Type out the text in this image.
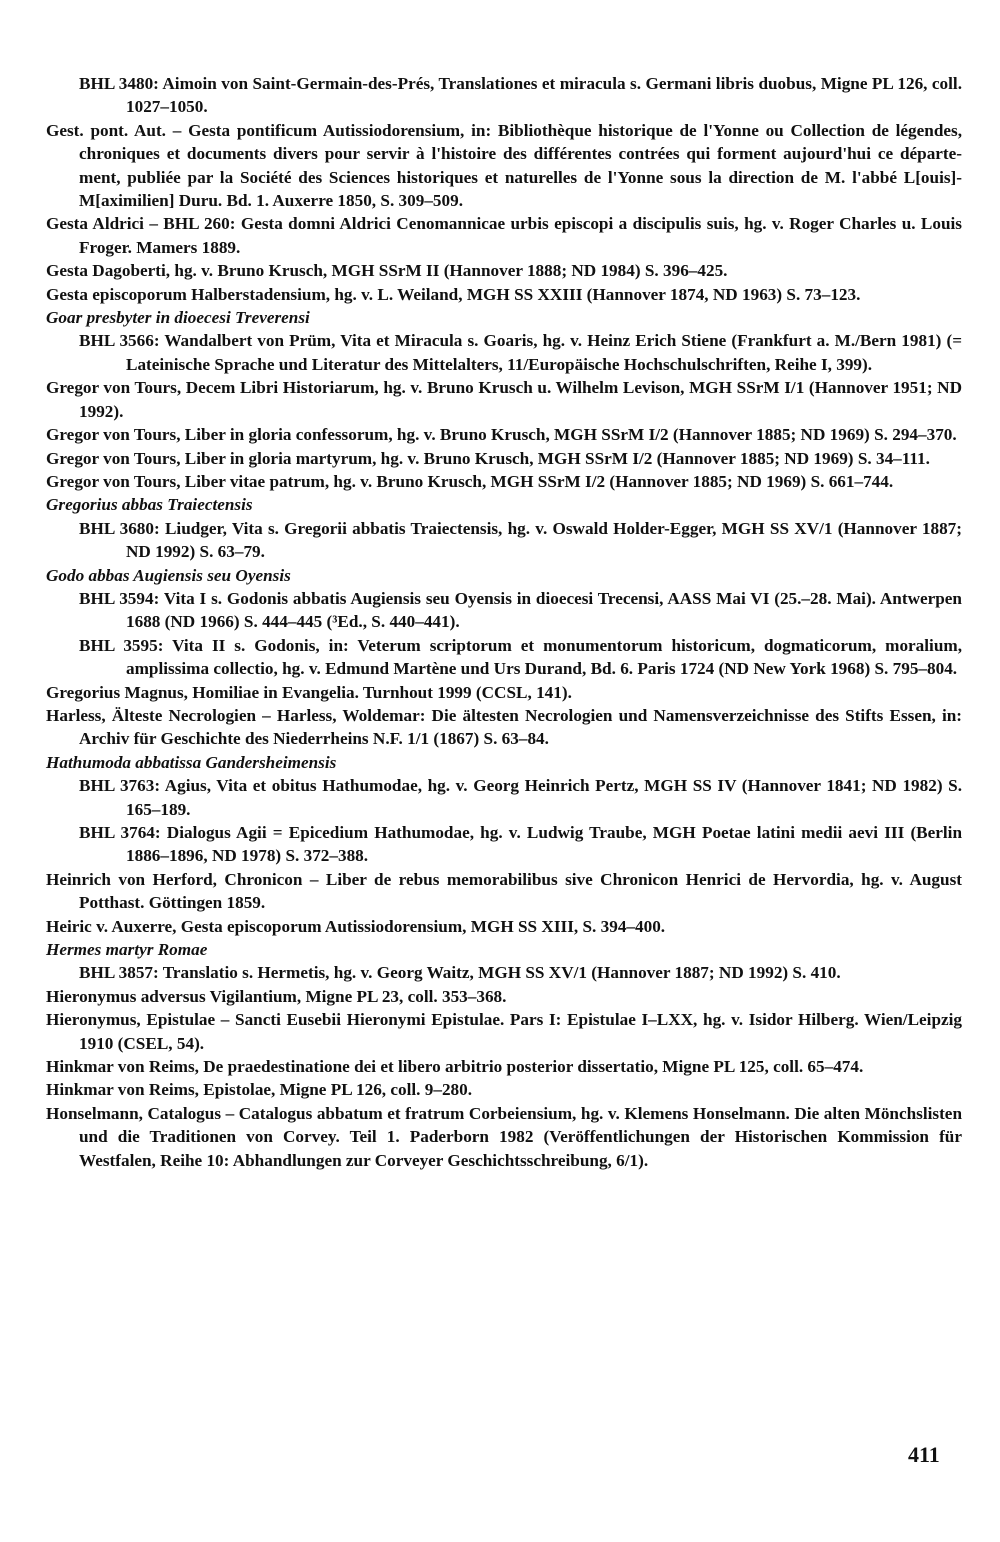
BHL 3480: Aimoin von Saint-Germain-des-Prés, Translationes et miracula s. Germani libris duobus, Migne PL 126, coll. 1027–1050.
Gest. pont. Aut. – Gesta pontificum Autissiodorensium, in: Bibliothèque historique de l'Yonne ou Collection de légendes, chroniques et documents divers pour servir à l'histoire des différentes contrées qui forment aujourd'hui ce départe-ment, publiée par la Société des Sciences historiques et naturelles de l'Yonne sous la direction de M. l'abbé L[ouis]-M[aximilien] Duru. Bd. 1. Auxerre 1850, S. 309–509.
Gesta Aldrici – BHL 260: Gesta domni Aldrici Cenomannicae urbis episcopi a discipulis suis, hg. v. Roger Charles u. Louis Froger. Mamers 1889.
Gesta Dagoberti, hg. v. Bruno Krusch, MGH SSrM II (Hannover 1888; ND 1984) S. 396–425.
Gesta episcoporum Halberstadensium, hg. v. L. Weiland, MGH SS XXIII (Hannover 1874, ND 1963) S. 73–123.
Goar presbyter in dioecesi Treverensi
BHL 3566: Wandalbert von Prüm, Vita et Miracula s. Goaris, hg. v. Heinz Erich Stiene (Frankfurt a. M./Bern 1981) (= Lateinische Sprache und Literatur des Mittelalters, 11/Europäische Hochschulschriften, Reihe I, 399).
Gregor von Tours, Decem Libri Historiarum, hg. v. Bruno Krusch u. Wilhelm Levison, MGH SSrM I/1 (Hannover 1951; ND 1992).
Gregor von Tours, Liber in gloria confessorum, hg. v. Bruno Krusch, MGH SSrM I/2 (Hannover 1885; ND 1969) S. 294–370.
Gregor von Tours, Liber in gloria martyrum, hg. v. Bruno Krusch, MGH SSrM I/2 (Hannover 1885; ND 1969) S. 34–111.
Gregor von Tours, Liber vitae patrum, hg. v. Bruno Krusch, MGH SSrM I/2 (Hannover 1885; ND 1969) S. 661–744.
Gregorius abbas Traiectensis
BHL 3680: Liudger, Vita s. Gregorii abbatis Traiectensis, hg. v. Oswald Holder-Egger, MGH SS XV/1 (Hannover 1887; ND 1992) S. 63–79.
Godo abbas Augiensis seu Oyensis
BHL 3594: Vita I s. Godonis abbatis Augiensis seu Oyensis in dioecesi Trecensi, AASS Mai VI (25.–28. Mai). Antwerpen 1688 (ND 1966) S. 444–445 (³Ed., S. 440–441).
BHL 3595: Vita II s. Godonis, in: Veterum scriptorum et monumentorum historicum, dogmaticorum, moralium, amplissima collectio, hg. v. Edmund Martène und Urs Durand, Bd. 6. Paris 1724 (ND New York 1968) S. 795–804.
Gregorius Magnus, Homiliae in Evangelia. Turnhout 1999 (CCSL, 141).
Harless, Älteste Necrologien – Harless, Woldemar: Die ältesten Necrologien und Namensverzeichnisse des Stifts Essen, in: Archiv für Geschichte des Niederrheins N.F. 1/1 (1867) S. 63–84.
Hathumoda abbatissa Gandersheimensis
BHL 3763: Agius, Vita et obitus Hathumodae, hg. v. Georg Heinrich Pertz, MGH SS IV (Hannover 1841; ND 1982) S. 165–189.
BHL 3764: Dialogus Agii = Epicedium Hathumodae, hg. v. Ludwig Traube, MGH Poetae latini medii aevi III (Berlin 1886–1896, ND 1978) S. 372–388.
Heinrich von Herford, Chronicon – Liber de rebus memorabilibus sive Chronicon Henrici de Hervordia, hg. v. August Potthast. Göttingen 1859.
Heiric v. Auxerre, Gesta episcoporum Autissiodorensium, MGH SS XIII, S. 394–400.
Hermes martyr Romae
BHL 3857: Translatio s. Hermetis, hg. v. Georg Waitz, MGH SS XV/1 (Hannover 1887; ND 1992) S. 410.
Hieronymus adversus Vigilantium, Migne PL 23, coll. 353–368.
Hieronymus, Epistulae – Sancti Eusebii Hieronymi Epistulae. Pars I: Epistulae I–LXX, hg. v. Isidor Hilberg. Wien/Leipzig 1910 (CSEL, 54).
Hinkmar von Reims, De praedestinatione dei et libero arbitrio posterior dissertatio, Migne PL 125, coll. 65–474.
Hinkmar von Reims, Epistolae, Migne PL 126, coll. 9–280.
Honselmann, Catalogus – Catalogus abbatum et fratrum Corbeiensium, hg. v. Klemens Honselmann. Die alten Mönchslisten und die Traditionen von Corvey. Teil 1. Paderborn 1982 (Veröffentlichungen der Historischen Kommission für Westfalen, Reihe 10: Abhandlungen zur Corveyer Geschichtsschreibung, 6/1).
411
